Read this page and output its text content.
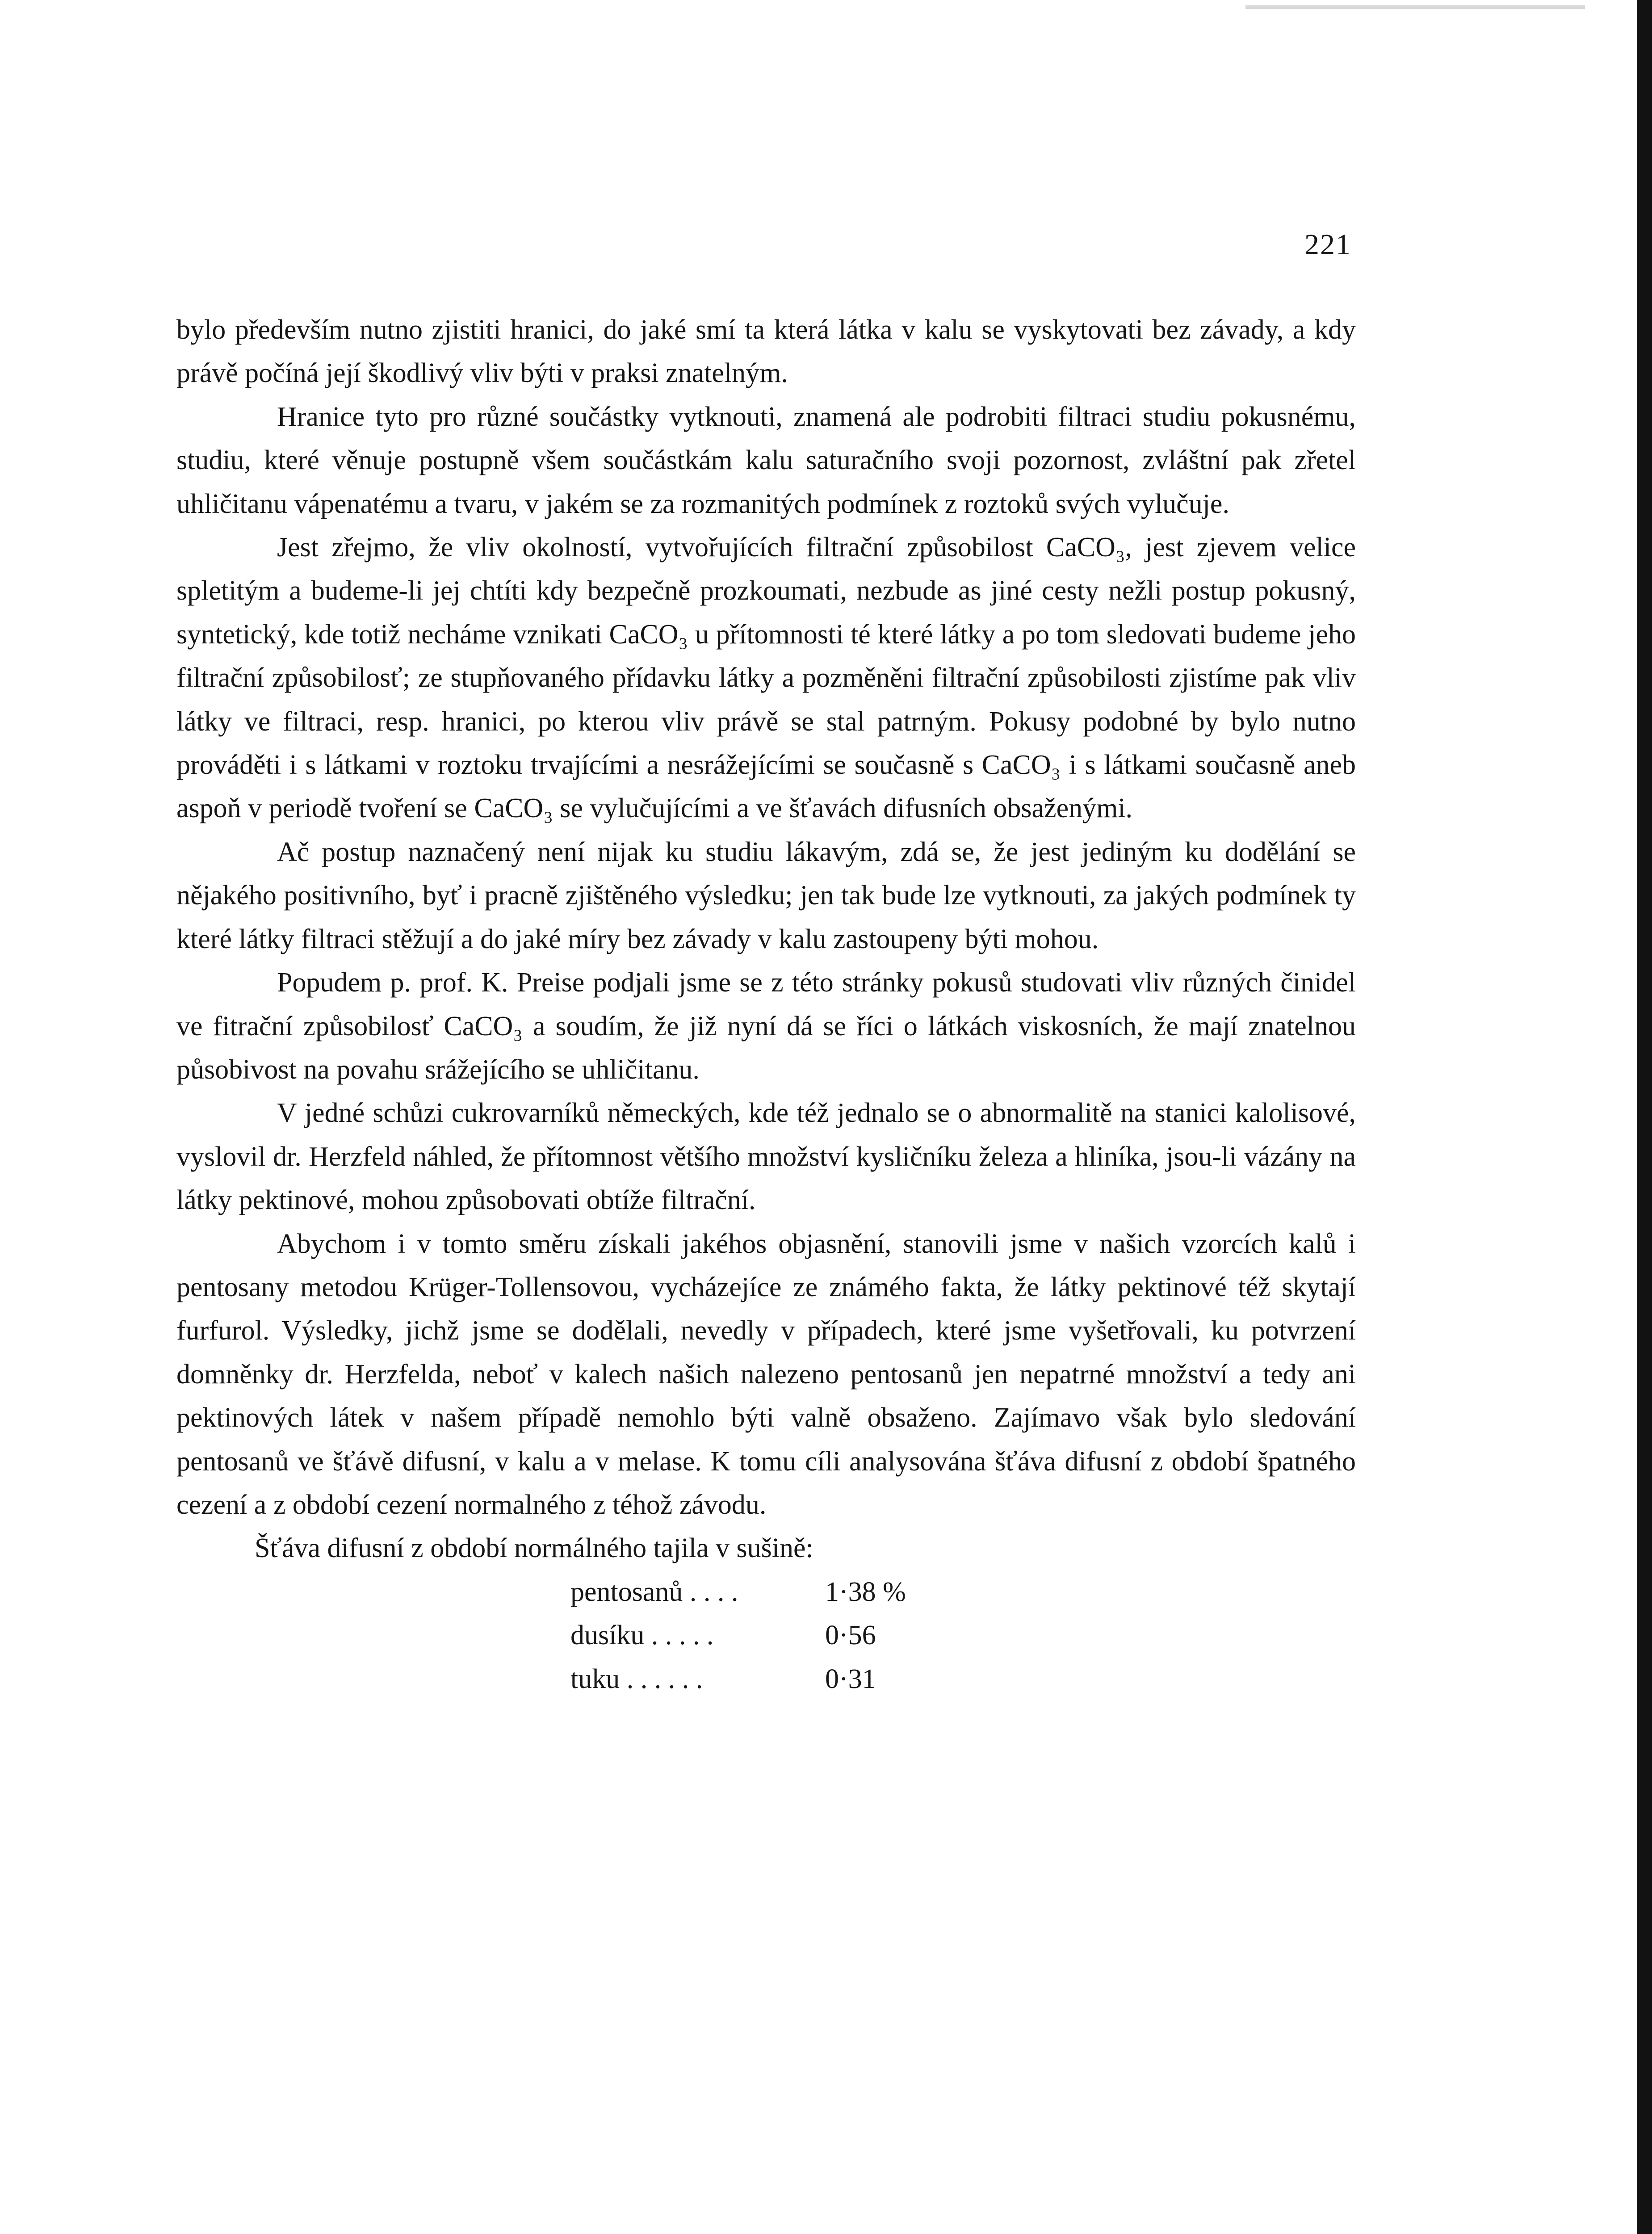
221

bylo především nutno zjistiti hranici, do jaké smí ta která látka v kalu se vyskytovati bez závady, a kdy právě počíná její škodlivý vliv býti v praksi znatelným.

Hranice tyto pro různé součástky vytknouti, znamená ale podrobiti filtraci studiu pokusnému, studiu, které věnuje postupně všem součástkám kalu saturačního svoji pozornost, zvláštní pak zřetel uhličitanu vápenatému a tvaru, v jakém se za rozmanitých podmínek z roztoků svých vylučuje.

Jest zřejmo, že vliv okolností, vytvořujících filtrační způsobilost CaCO₃, jest zjevem velice spletitým a budeme-li jej chtíti kdy bezpečně prozkoumati, nezbude as jiné cesty nežli postup pokusný, syntetický, kde totiž necháme vznikati CaCO₃ u přítomnosti té které látky a po tom sledovati budeme jeho filtrační způsobilosť; ze stupňovaného přídavku látky a pozměněni filtrační způsobilosti zjistíme pak vliv látky ve filtraci, resp. hranici, po kterou vliv právě se stal patrným. Pokusy podobné by bylo nutno prováděti i s látkami v roztoku trvajícími a nesrážejícími se současně s CaCO₃ i s látkami současně aneb aspoň v periodě tvoření se CaCO₃ se vylučujícími a ve šťavách difusních obsaženými.

Ač postup naznačený není nijak ku studiu lákavým, zdá se, že jest jediným ku dodělání se nějakého positivního, byť i pracně zjištěného výsledku; jen tak bude lze vytknouti, za jakých podmínek ty které látky filtraci stěžují a do jaké míry bez závady v kalu zastoupeny býti mohou.

Popudem p. prof. K. Preise podjali jsme se z této stránky pokusů studovati vliv různých činidel ve fitrační způsobilosť CaCO₃ a soudím, že již nyní dá se říci o látkách viskosních, že mají znatelnou působivost na povahu srážejícího se uhličitanu.

V jedné schůzi cukrovarníků německých, kde též jednalo se o abnormalitě na stanici kalolisové, vyslovil dr. Herzfeld náhled, že přítomnost většího množství kysličníku železa a hliníka, jsou-li vázány na látky pektinové, mohou způsobovati obtíže filtrační.

Abychom i v tomto směru získali jakéhos objasnění, stanovili jsme v našich vzorcích kalů i pentosany metodou Krüger-Tollensovou, vycházejíce ze známého fakta, že látky pektinové též skytají furfurol. Výsledky, jichž jsme se dodělali, nevedly v případech, které jsme vyšetřovali, ku potvrzení domněnky dr. Herzfelda, neboť v kalech našich nalezeno pentosanů jen nepatrné množství a tedy ani pektinových látek v našem případě nemohlo býti valně obsaženo. Zajímavo však bylo sledování pentosanů ve šťávě difusní, v kalu a v melase. K tomu cíli analysována šťáva difusní z období špatného cezení a z období cezení normalného z téhož závodu.

Šťáva difusní z období normálného tajila v sušině:

pentosanů . . . .	1·38 %
dusíku . . . . .	0·56
tuku . . . . . .	0·31
